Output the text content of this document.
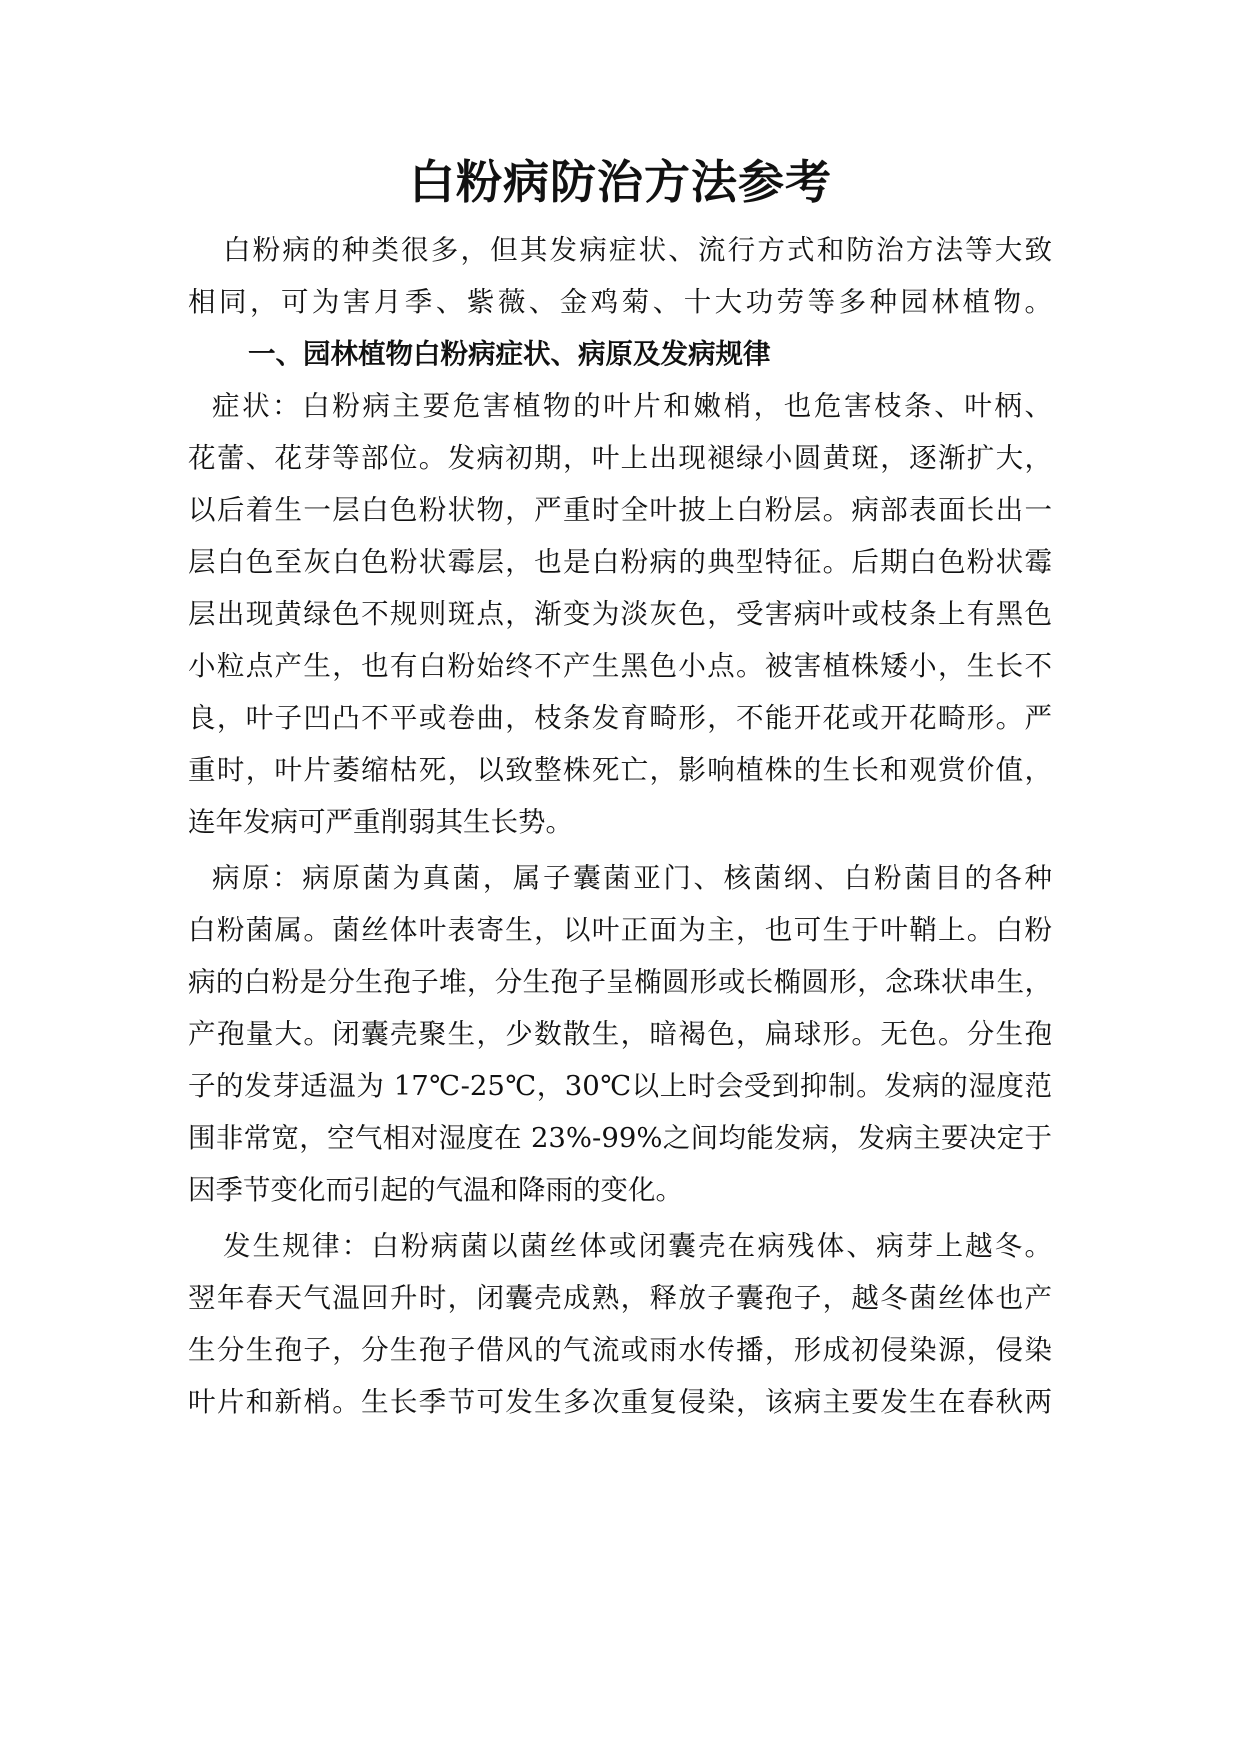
白粉病防治方法参考
白粉病的种类很多，但其发病症状、流行方式和防治方法等大致
相同，可为害月季、紫薇、金鸡菊、十大功劳等多种园林植物。
一、园林植物白粉病症状、病原及发病规律
症状：白粉病主要危害植物的叶片和嫩梢，也危害枝条、叶柄、
花蕾、花芽等部位。发病初期，叶上出现褪绿小圆黄斑，逐渐扩大，
以后着生一层白色粉状物，严重时全叶披上白粉层。病部表面长出一
层白色至灰白色粉状霉层，也是白粉病的典型特征。后期白色粉状霉
层出现黄绿色不规则斑点，渐变为淡灰色，受害病叶或枝条上有黑色
小粒点产生，也有白粉始终不产生黑色小点。被害植株矮小，生长不
良，叶子凹凸不平或卷曲，枝条发育畸形，不能开花或开花畸形。严
重时，叶片萎缩枯死，以致整株死亡，影响植株的生长和观赏价值，
连年发病可严重削弱其生长势。
病原：病原菌为真菌，属子囊菌亚门、核菌纲、白粉菌目的各种
白粉菌属。菌丝体叶表寄生，以叶正面为主，也可生于叶鞘上。白粉
病的白粉是分生孢子堆，分生孢子呈椭圆形或长椭圆形，念珠状串生，
产孢量大。闭囊壳聚生，少数散生，暗褐色，扁球形。无色。分生孢
子的发芽适温为 17℃-25℃，30℃以上时会受到抑制。发病的湿度范
围非常宽，空气相对湿度在 23%-99%之间均能发病，发病主要决定于
因季节变化而引起的气温和降雨的变化。
发生规律：白粉病菌以菌丝体或闭囊壳在病残体、病芽上越冬。
翌年春天气温回升时，闭囊壳成熟，释放子囊孢子，越冬菌丝体也产
生分生孢子，分生孢子借风的气流或雨水传播，形成初侵染源，侵染
叶片和新梢。生长季节可发生多次重复侵染，该病主要发生在春秋两
